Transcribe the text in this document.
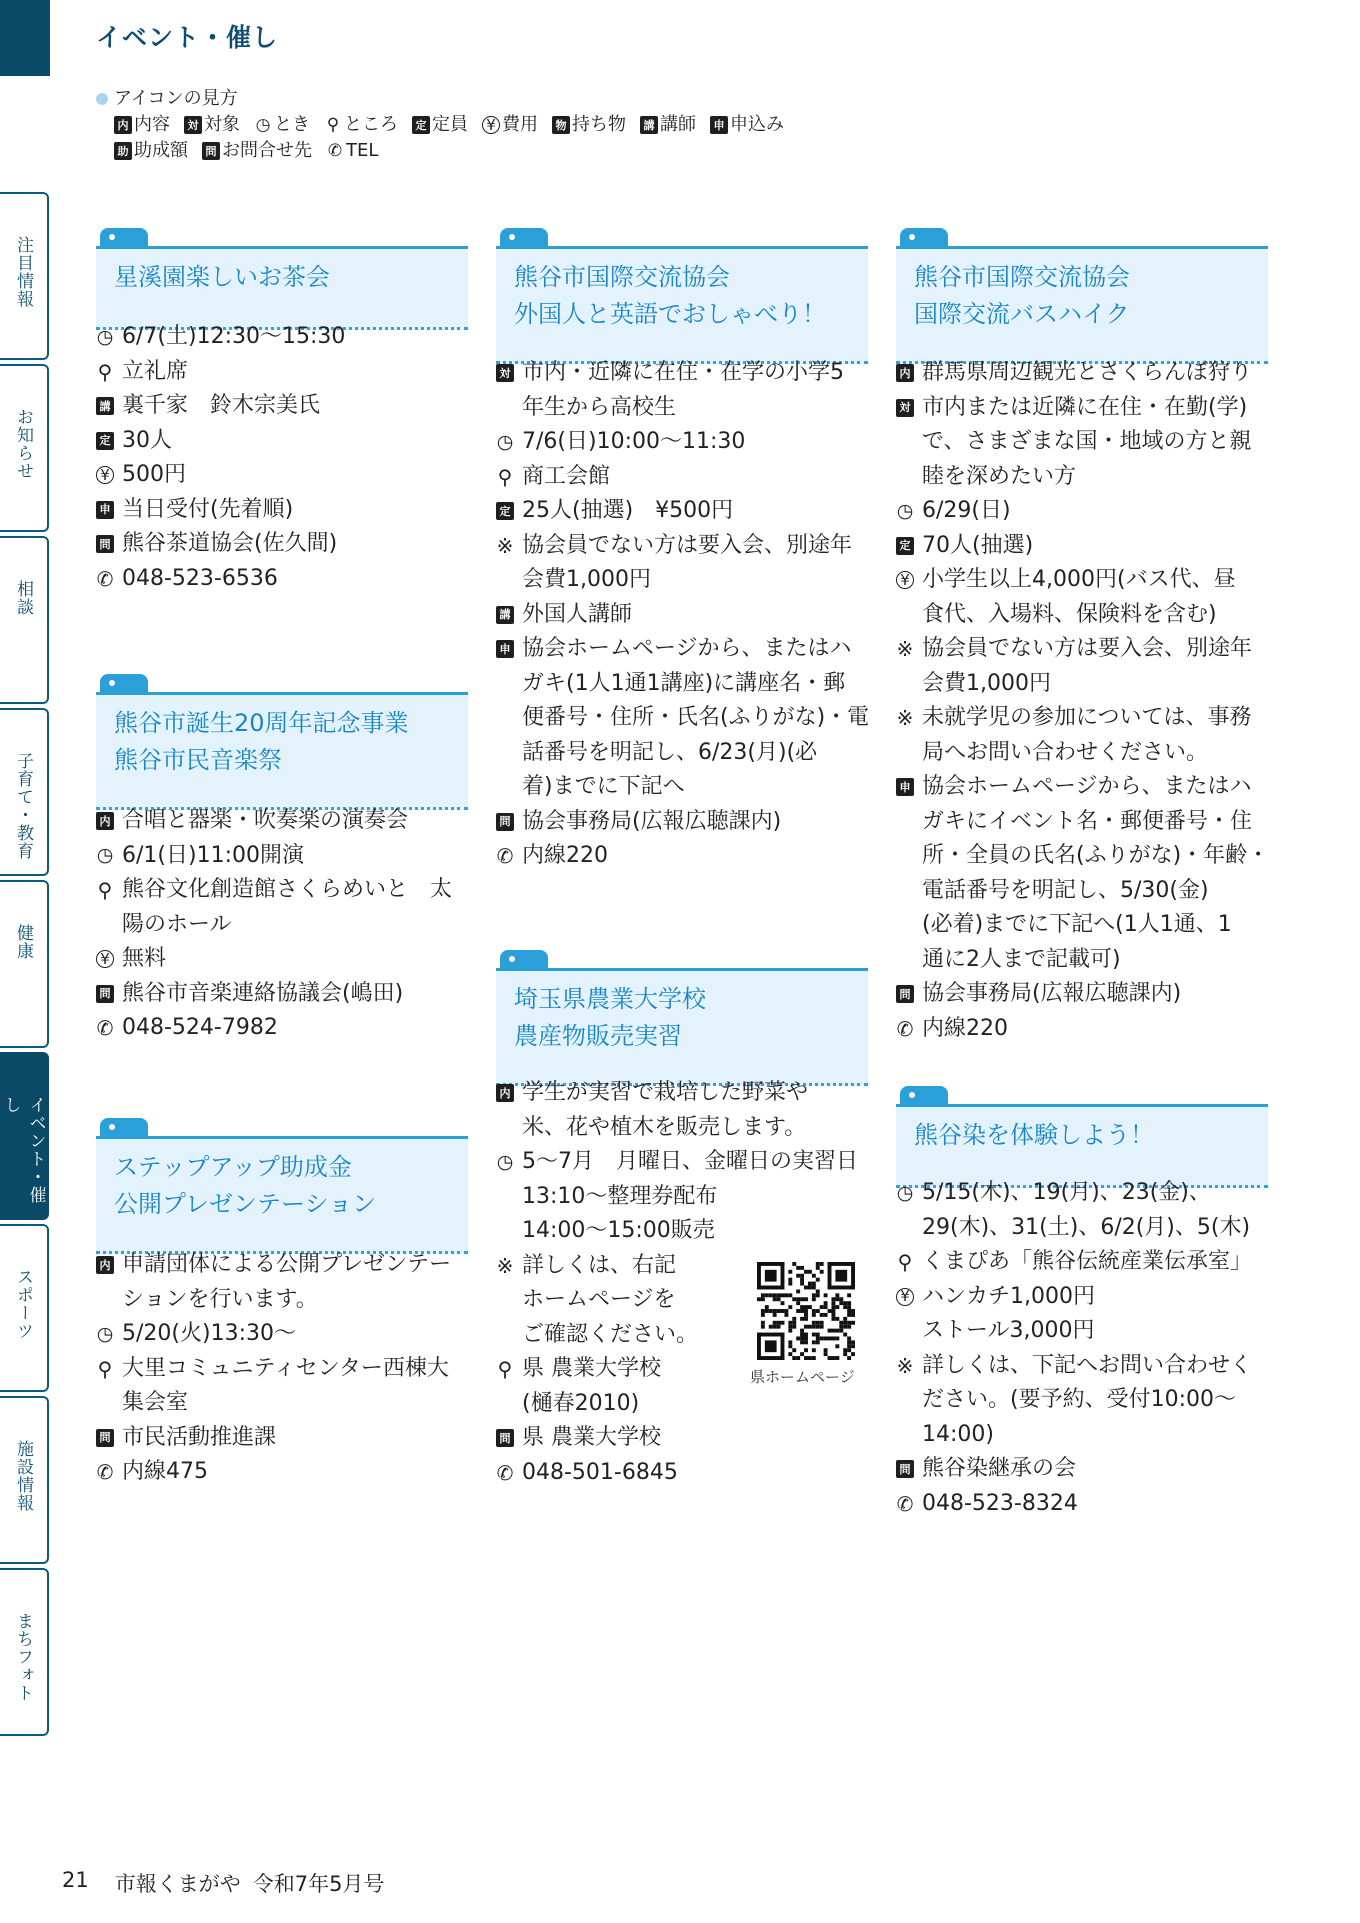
イベント・催し
アイコンの見方
内 内容	対 対象 ◷ とき ⚲ ところ	定 定員 ¥ 費用	物 持ち物	講 講師	申 申込み
助 助成額	問 お問合せ先 ✆ TEL
注目情報
お知らせ
相談
子育て・教育
健康
イベント・催し
スポーツ
施設情報
まちフォト
星溪園楽しいお茶会
◷ 6/7(土)12:30～15:30
⚲ 立礼席
講 裏千家　鈴木宗美氏
定 30人
¥ 500円
申 当日受付(先着順)
問 熊谷茶道協会(佐久間)
✆ 048-523-6536
熊谷市誕生20周年記念事業
熊谷市民音楽祭
内 合唱と器楽・吹奏楽の演奏会
◷ 6/1(日)11:00開演
⚲ 熊谷文化創造館さくらめいと　太
陽のホール
¥ 無料
問 熊谷市音楽連絡協議会(嶋田)
✆ 048-524-7982
ステップアップ助成金
公開プレゼンテーション
内 申請団体による公開プレゼンテー
ションを行います。
◷ 5/20(火)13:30～
⚲ 大里コミュニティセンター西棟大
集会室
問 市民活動推進課
✆ 内線475
熊谷市国際交流協会
外国人と英語でおしゃべり！
対 市内・近隣に在住・在学の小学5
年生から高校生
◷ 7/6(日)10:00～11:30
⚲ 商工会館
定 25人(抽選)　¥500円
※ 協会員でない方は要入会、別途年
会費1,000円
講 外国人講師
申 協会ホームページから、またはハ
ガキ(1人1通1講座)に講座名・郵
便番号・住所・氏名(ふりがな)・電
話番号を明記し、6/23(月)(必
着)までに下記へ
問 協会事務局(広報広聴課内)
✆ 内線220
埼玉県農業大学校
農産物販売実習
内 学生が実習で栽培した野菜や
米、花や植木を販売します。
◷ 5～7月　月曜日、金曜日の実習日
13:10～整理券配布
14:00～15:00販売
※ 詳しくは、右記
ホームページを
ご確認ください。
⚲ 県 農業大学校
(樋春2010)
問 県 農業大学校
✆ 048-501-6845
熊谷市国際交流協会
国際交流バスハイク
内 群馬県周辺観光とさくらんぼ狩り
対 市内または近隣に在住・在勤(学)
で、さまざまな国・地域の方と親
睦を深めたい方
◷ 6/29(日)
定 70人(抽選)
¥ 小学生以上4,000円(バス代、昼
食代、入場料、保険料を含む)
※ 協会員でない方は要入会、別途年
会費1,000円
※ 未就学児の参加については、事務
局へお問い合わせください。
申 協会ホームページから、またはハ
ガキにイベント名・郵便番号・住
所・全員の氏名(ふりがな)・年齢・
電話番号を明記し、5/30(金)
(必着)までに下記へ(1人1通、1
通に2人まで記載可)
問 協会事務局(広報広聴課内)
✆ 内線220
熊谷染を体験しよう！
◷ 5/15(木)、19(月)、23(金)、
29(木)、31(土)、6/2(月)、5(木)
⚲ くまぴあ「熊谷伝統産業伝承室」
¥ ハンカチ1,000円
ストール3,000円
※ 詳しくは、下記へお問い合わせく
ださい。(要予約、受付10:00～
14:00)
問 熊谷染継承の会
✆ 048-523-8324
県ホームページ
21 市報くまがや 令和7年5月号
